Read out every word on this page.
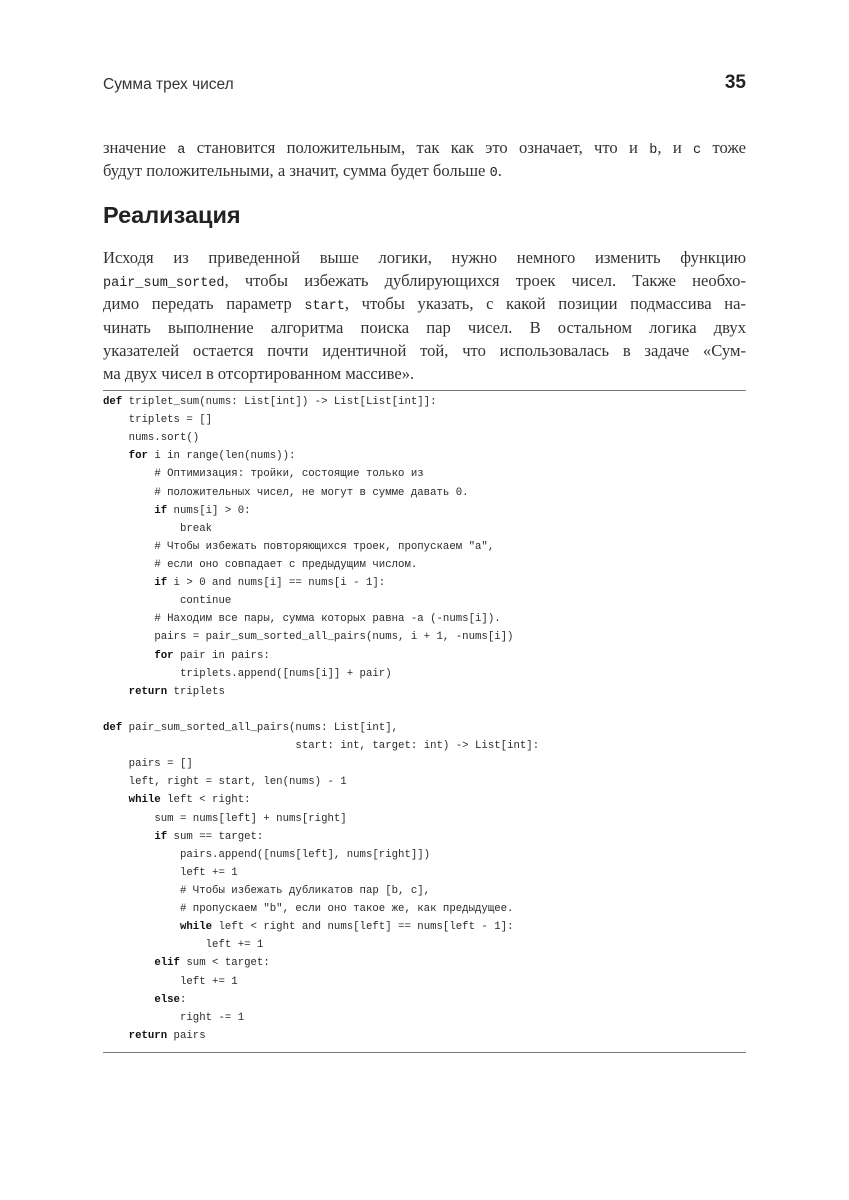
Сумма трех чисел	35
значение a становится положительным, так как это означает, что и b, и c тоже
будут положительными, а значит, сумма будет больше 0.
Реализация
Исходя из приведенной выше логики, нужно немного изменить функцию
pair_sum_sorted, чтобы избежать дублирующихся троек чисел. Также необхо-
димо передать параметр start, чтобы указать, с какой позиции подмассива на-
чинать выполнение алгоритма поиска пар чисел. В остальном логика двух
указателей остается почти идентичной той, что использовалась в задаче «Сум-
ма двух чисел в отсортированном массиве».
def triplet_sum(nums: List[int]) -> List[List[int]]:
triplets = []
nums.sort()
for i in range(len(nums)):
# Оптимизация: тройки, состоящие только из
# положительных чисел, не могут в сумме давать 0.
if nums[i] > 0:
break
# Чтобы избежать повторяющихся троек, пропускаем "a",
# если оно совпадает с предыдущим числом.
if i > 0 and nums[i] == nums[i - 1]:
continue
# Находим все пары, сумма которых равна -a (-nums[i]).
pairs = pair_sum_sorted_all_pairs(nums, i + 1, -nums[i])
for pair in pairs:
triplets.append([nums[i]] + pair)
return triplets
def pair_sum_sorted_all_pairs(nums: List[int],
start: int, target: int) -> List[int]:
pairs = []
left, right = start, len(nums) - 1
while left < right:
sum = nums[left] + nums[right]
if sum == target:
pairs.append([nums[left], nums[right]])
left += 1
# Чтобы избежать дубликатов пар [b, c],
# пропускаем "b", если оно такое же, как предыдущее.
while left < right and nums[left] == nums[left - 1]:
left += 1
elif sum < target:
left += 1
else:
right -= 1
return pairs
